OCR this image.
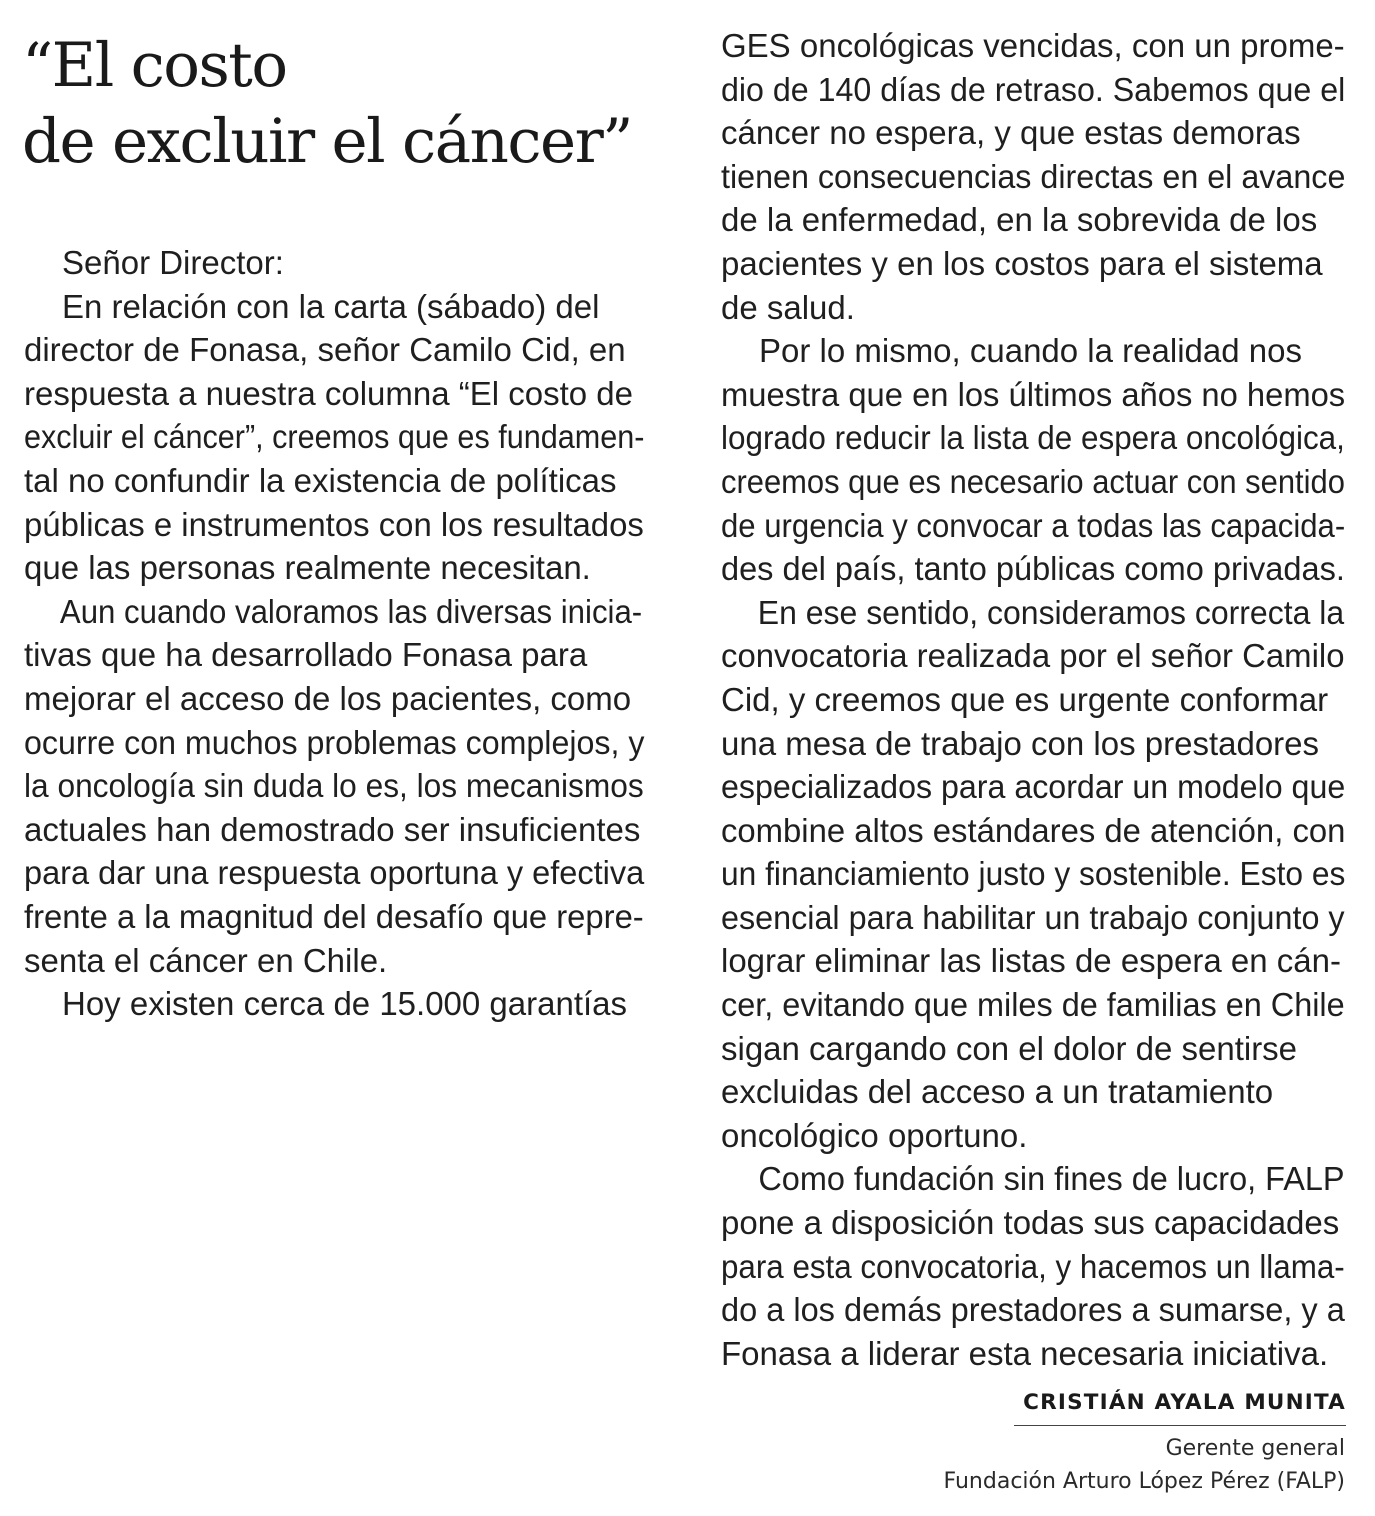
“El costo
de excluir el cáncer”
Señor Director:
En relación con la carta (sábado) del
director de Fonasa, señor Camilo Cid, en
respuesta a nuestra columna “El costo de
excluir el cáncer”, creemos que es fundamen-
tal no confundir la existencia de políticas
públicas e instrumentos con los resultados
que las personas realmente necesitan.
Aun cuando valoramos las diversas inicia-
tivas que ha desarrollado Fonasa para
mejorar el acceso de los pacientes, como
ocurre con muchos problemas complejos, y
la oncología sin duda lo es, los mecanismos
actuales han demostrado ser insuficientes
para dar una respuesta oportuna y efectiva
frente a la magnitud del desafío que repre-
senta el cáncer en Chile.
Hoy existen cerca de 15.000 garantías
GES oncológicas vencidas, con un prome-
dio de 140 días de retraso. Sabemos que el
cáncer no espera, y que estas demoras
tienen consecuencias directas en el avance
de la enfermedad, en la sobrevida de los
pacientes y en los costos para el sistema
de salud.
Por lo mismo, cuando la realidad nos
muestra que en los últimos años no hemos
logrado reducir la lista de espera oncológica,
creemos que es necesario actuar con sentido
de urgencia y convocar a todas las capacida-
des del país, tanto públicas como privadas.
En ese sentido, consideramos correcta la
convocatoria realizada por el señor Camilo
Cid, y creemos que es urgente conformar
una mesa de trabajo con los prestadores
especializados para acordar un modelo que
combine altos estándares de atención, con
un financiamiento justo y sostenible. Esto es
esencial para habilitar un trabajo conjunto y
lograr eliminar las listas de espera en cán-
cer, evitando que miles de familias en Chile
sigan cargando con el dolor de sentirse
excluidas del acceso a un tratamiento
oncológico oportuno.
Como fundación sin fines de lucro, FALP
pone a disposición todas sus capacidades
para esta convocatoria, y hacemos un llama-
do a los demás prestadores a sumarse, y a
Fonasa a liderar esta necesaria iniciativa.
CRISTIÁN AYALA MUNITA
Gerente general
Fundación Arturo López Pérez (FALP)
